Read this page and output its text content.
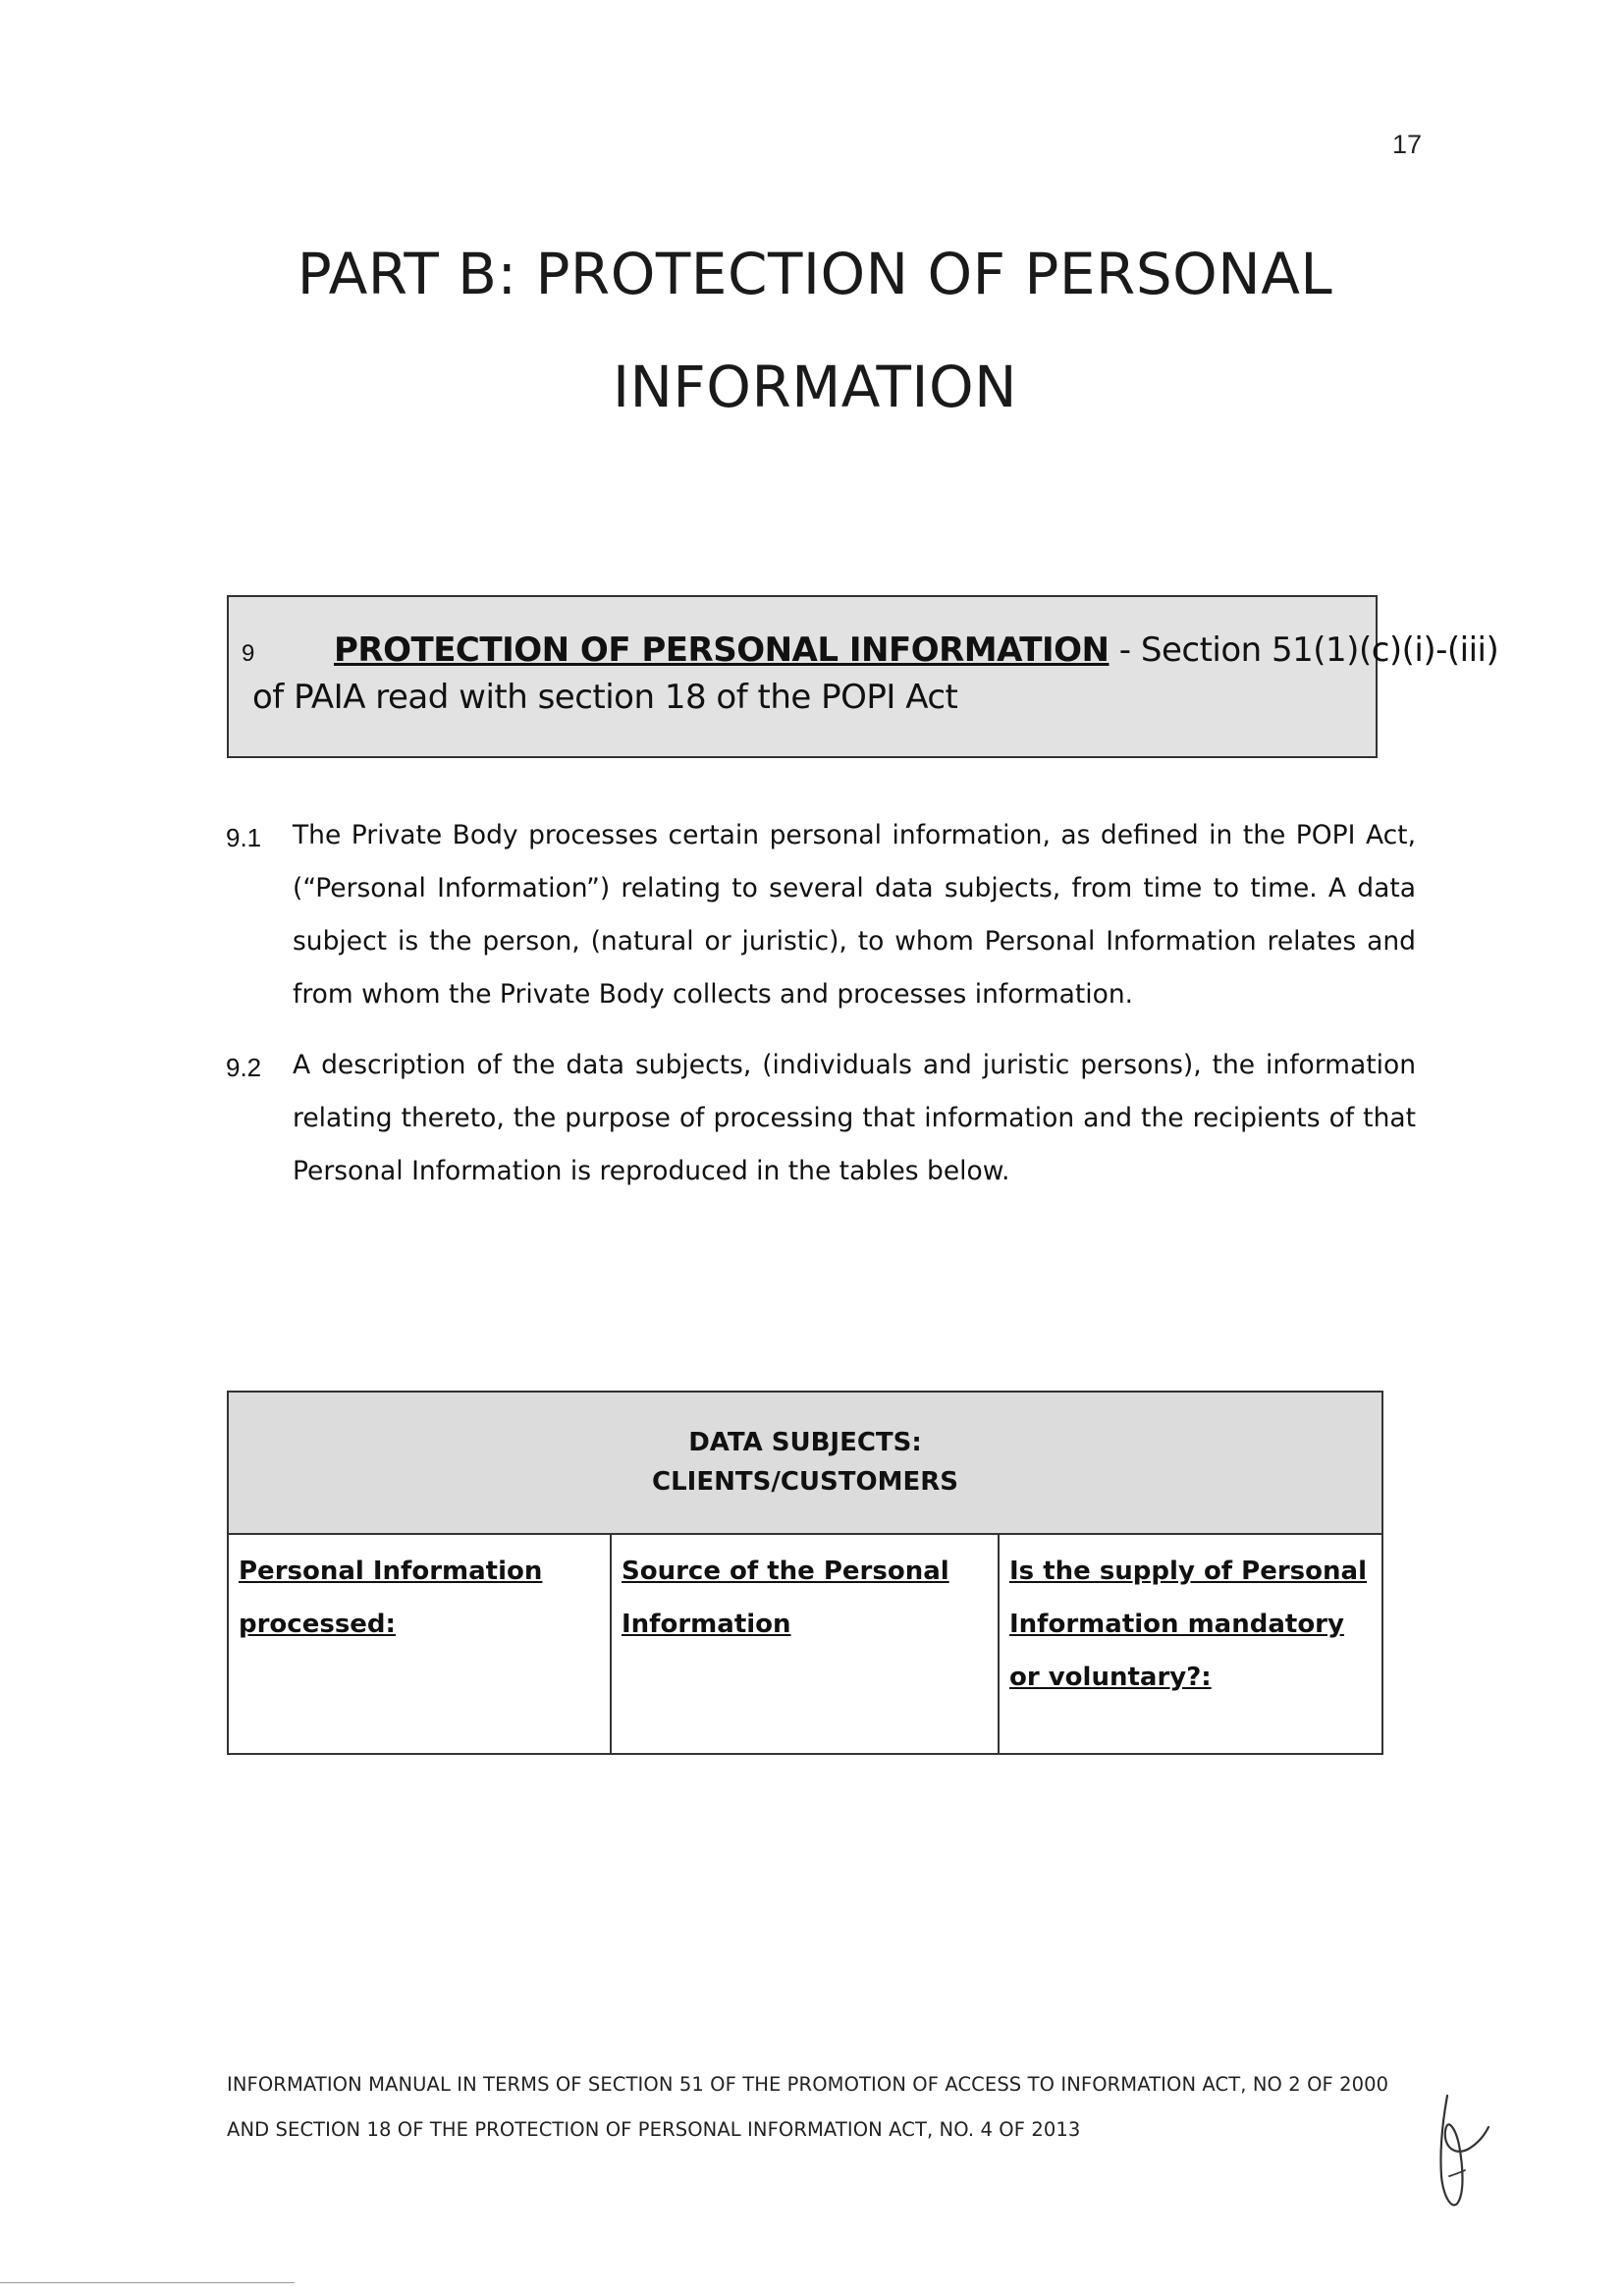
17
PART B: PROTECTION OF PERSONAL
INFORMATION
9 PROTECTION OF PERSONAL INFORMATION - Section 51(1)(c)(i)-(iii)
of PAIA read with section 18 of the POPI Act
9.1 The Private Body processes certain personal information, as defined in the POPI Act, (“Personal Information”) relating to several data subjects, from time to time. A data subject is the person, (natural or juristic), to whom Personal Information relates and from whom the Private Body collects and processes information.
9.2 A description of the data subjects, (individuals and juristic persons), the information relating thereto, the purpose of processing that information and the recipients of that Personal Information is reproduced in the tables below.
DATA SUBJECTS:
CLIENTS/CUSTOMERS

Personal Information processed:	Source of the Personal Information	Is the supply of Personal Information mandatory or voluntary?:
INFORMATION MANUAL IN TERMS OF SECTION 51 OF THE PROMOTION OF ACCESS TO INFORMATION ACT, NO 2 OF 2000
AND SECTION 18 OF THE PROTECTION OF PERSONAL INFORMATION ACT, NO. 4 OF 2013
